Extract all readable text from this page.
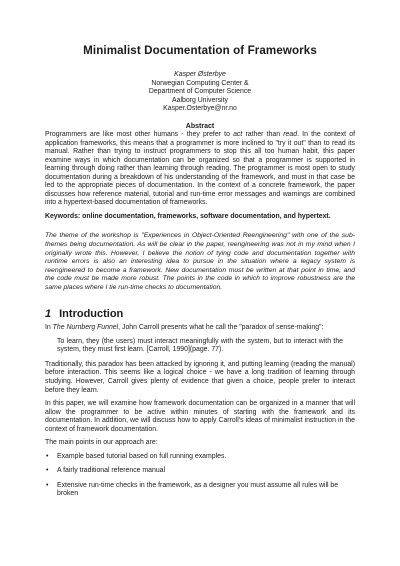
Minimalist Documentation of Frameworks
Kasper Østerbye
Norwegian Computing Center &
Department of Computer Science
Aalborg University
Kasper.Osterbye@nr.no
Abstract
Programmers are like most other humans - they prefer to act rather than read. In the context of application frameworks, this means that a programmer is more inclined to "try it out" than to read its manual. Rather than trying to instruct programmers to stop this all too human habit, this paper examine ways in which documentation can be organized so that a programmer is supported in learning through doing rather than learning through reading. The programmer is most open to study documentation during a breakdown of his understanding of the framework, and must in that case be led to the appropriate pieces of documentation. In the context of a concrete framework, the paper discusses how reference material, tutorial and run-time error messages and warnings are combined into a hypertext-based documentation of frameworks.
Keywords: online documentation, frameworks, software documentation, and hypertext.
The theme of the workshop is "Experiences in Object-Oriented Reengineering" with one of the sub-themes being documentation. As will be clear in the paper, reengineering was not in my mind when I originally wrote this. However, I believe the notion of tying code and documentation together with runtime errors is also an interesting idea to pursue in the situation where a legacy system is reengineered to become a framework. New documentation must be written at that point in time, and the code must be made more robust. The points in the code in which to improve robustness are the same places where I tie run-time checks to documentation.
1 Introduction

In The Nurnberg Funnel, John Carroll presents what he call the "paradox of sense-making":

To learn, they (the users) must interact meaningfully with the system, but to interact with the system, they must first learn. [Carroll, 1990](page. 77).

Traditionally, this paradox has been attacked by ignoring it, and putting learning (reading the manual) before interaction. This seems like a logical choice - we have a long tradition of learning through studying. However, Carroll gives plenty of evidence that given a choice, people prefer to interact before they learn.

In this paper, we will examine how framework documentation can be organized in a manner that will allow the programmer to be active within minutes of starting with the framework and its documentation. In addition, we will discuss how to apply Carroll's ideas of minimalist instruction in the context of framework documentation.

The main points in our approach are:

• Example based tutorial based on full running examples.
• A fairly traditional reference manual
• Extensive run-time checks in the framework, as a designer you must assume all rules will be broken
